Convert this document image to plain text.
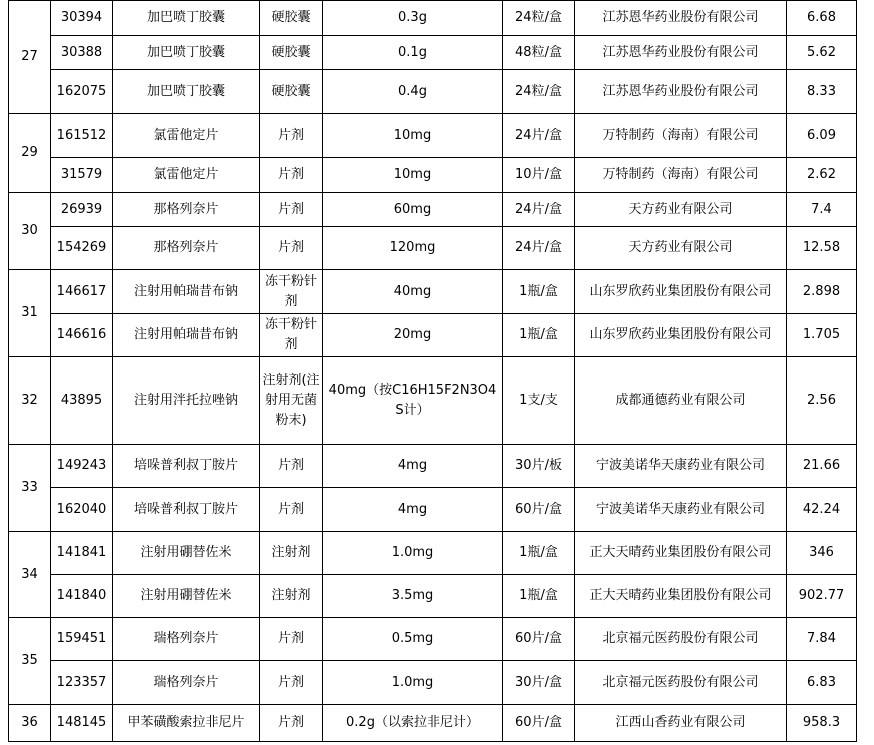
27	30394	加巴喷丁胶囊	硬胶囊	0.3g	24粒/盒	江苏恩华药业股份有限公司	6.68
	30388	加巴喷丁胶囊	硬胶囊	0.1g	48粒/盒	江苏恩华药业股份有限公司	5.62
	162075	加巴喷丁胶囊	硬胶囊	0.4g	24粒/盒	江苏恩华药业股份有限公司	8.33
29	161512	氯雷他定片	片剂	10mg	24片/盒	万特制药（海南）有限公司	6.09
	31579	氯雷他定片	片剂	10mg	10片/盒	万特制药（海南）有限公司	2.62
30	26939	那格列奈片	片剂	60mg	24片/盒	天方药业有限公司	7.4
	154269	那格列奈片	片剂	120mg	24片/盒	天方药业有限公司	12.58
31	146617	注射用帕瑞昔布钠	冻干粉针剂	40mg	1瓶/盒	山东罗欣药业集团股份有限公司	2.898
	146616	注射用帕瑞昔布钠	冻干粉针剂	20mg	1瓶/盒	山东罗欣药业集团股份有限公司	1.705
32	43895	注射用泮托拉唑钠	注射剂(注射用无菌粉末)	40mg（按C16H15F2N3O4S计）	1支/支	成都通德药业有限公司	2.56
33	149243	培哚普利叔丁胺片	片剂	4mg	30片/板	宁波美诺华天康药业有限公司	21.66
	162040	培哚普利叔丁胺片	片剂	4mg	60片/盒	宁波美诺华天康药业有限公司	42.24
34	141841	注射用硼替佐米	注射剂	1.0mg	1瓶/盒	正大天晴药业集团股份有限公司	346
	141840	注射用硼替佐米	注射剂	3.5mg	1瓶/盒	正大天晴药业集团股份有限公司	902.77
35	159451	瑞格列奈片	片剂	0.5mg	60片/盒	北京福元医药股份有限公司	7.84
	123357	瑞格列奈片	片剂	1.0mg	30片/盒	北京福元医药股份有限公司	6.83
36	148145	甲苯磺酸索拉非尼片	片剂	0.2g（以索拉非尼计）	60片/盒	江西山香药业有限公司	958.3
